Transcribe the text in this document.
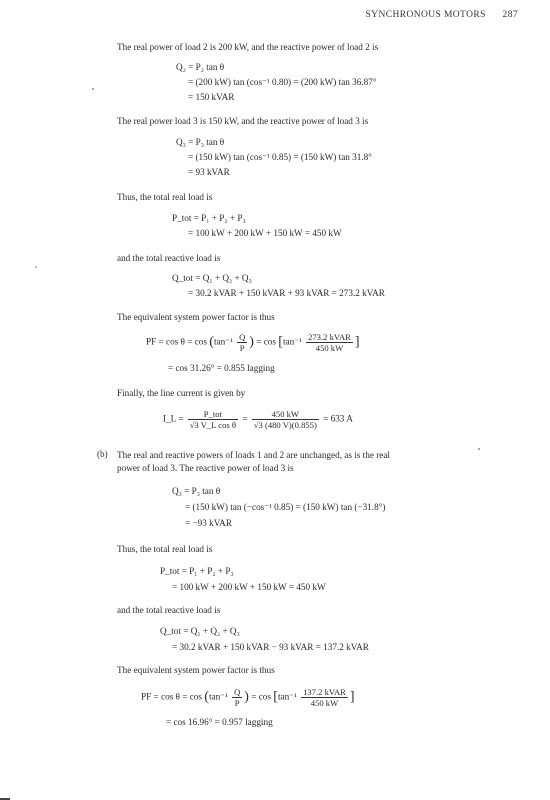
SYNCHRONOUS MOTORS 287
The real power of load 2 is 200 kW, and the reactive power of load 2 is
Q₂ = P₂ tan θ
= (200 kW) tan (cos⁻¹ 0.80) = (200 kW) tan 36.87°
= 150 kVAR
The real power load 3 is 150 kW, and the reactive power of load 3 is
Q₃ = P₃ tan θ
= (150 kW) tan (cos⁻¹ 0.85) = (150 kW) tan 31.8°
= 93 kVAR
Thus, the total real load is
P_tot = P₁ + P₂ + P₃
= 100 kW + 200 kW + 150 kW = 450 kW
and the total reactive load is
Q_tot = Q₁ + Q₂ + Q₃
= 30.2 kVAR + 150 kVAR + 93 kVAR = 273.2 kVAR
The equivalent system power factor is thus
PF = $\cos \theta = \cos (\tan^{-1} \frac{Q}{P}$ ) = $\cos [\tan^{-1} \frac{\text{273.2 kVAR}}{450 kW}$ ]
= cos 31.26° = 0.855 lagging
Finally, the line current is given by
I_L = $\frac{\text{P\_tot}}{\text{√3 V\_L cos θ}} = \frac{450 kW}{√3 (480 V)(0.855)} = 633$ A
(b) The real and reactive powers of loads 1 and 2 are unchanged, as is the real
power of load 3. The reactive power of load 3 is
Q₃ = P₃ tan θ
= (150 kW) tan (−cos⁻¹ 0.85) = (150 kW) tan (−31.8°)
= −93 kVAR
Thus, the total real load is
P_tot = P₁ + P₂ + P₃
= 100 kW + 200 kW + 150 kW = 450 kW
and the total reactive load is
Q_tot = Q₁ + Q₂ + Q₃
= 30.2 kVAR + 150 kVAR − 93 kVAR = 137.2 kVAR
The equivalent system power factor is thus
PF = $\cos \theta = \cos (\tan^{-1} \frac{Q}{P}$ ) = $\cos [\tan^{-1} \frac{\text{137.2 kVAR}}{450 kW}$ ]
= cos 16.96° = 0.957 lagging
ʹ
